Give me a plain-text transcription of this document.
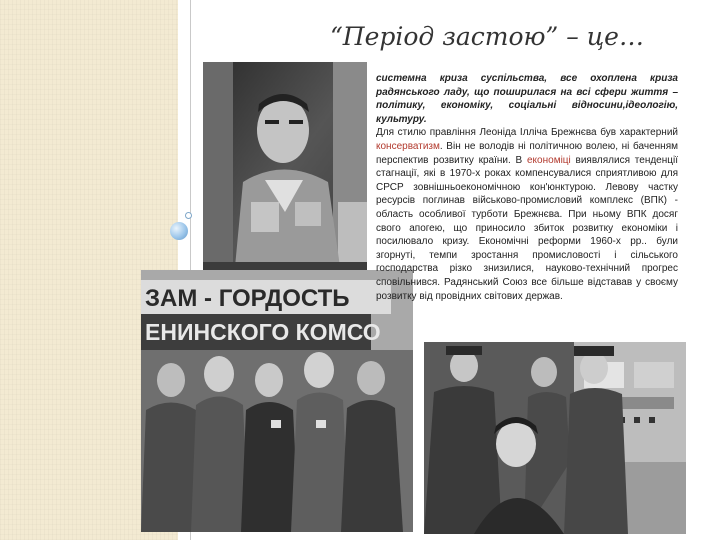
“Період застою” – це…
ЗАМ - ГОРДОСТЬ
ЕНИНСКОГО КОМСО

системна криза суспільства, все охоплена криза радянського ладу, що поширилася на всі сфери життя – політику, економіку, соціальні відносини,ідеологію, культуру.

Для стилю правління Леоніда Ілліча Брежнєва був характерний консерватизм. Він не володів ні політичною волею, ні баченням перспектив розвитку країни. В економіці виявлялися тенденції стагнації, які в 1970-х роках компенсувалися сприятливою для СРСР зовнішньоекономічною кон'юнктурою. Левову частку ресурсів поглинав військово-промисловий комплекс (ВПК) - область особливої турботи Брежнєва. При ньому ВПК досяг свого апогею, що приносило збиток розвитку економіки і посилювало кризу. Економічні реформи 1960-х рр.. були згорнуті, темпи зростання промисловості і сільського господарства різко знизилися, науково-технічний прогрес сповільнився. Радянський Союз все більше відставав у своєму розвитку від провідних світових держав.
